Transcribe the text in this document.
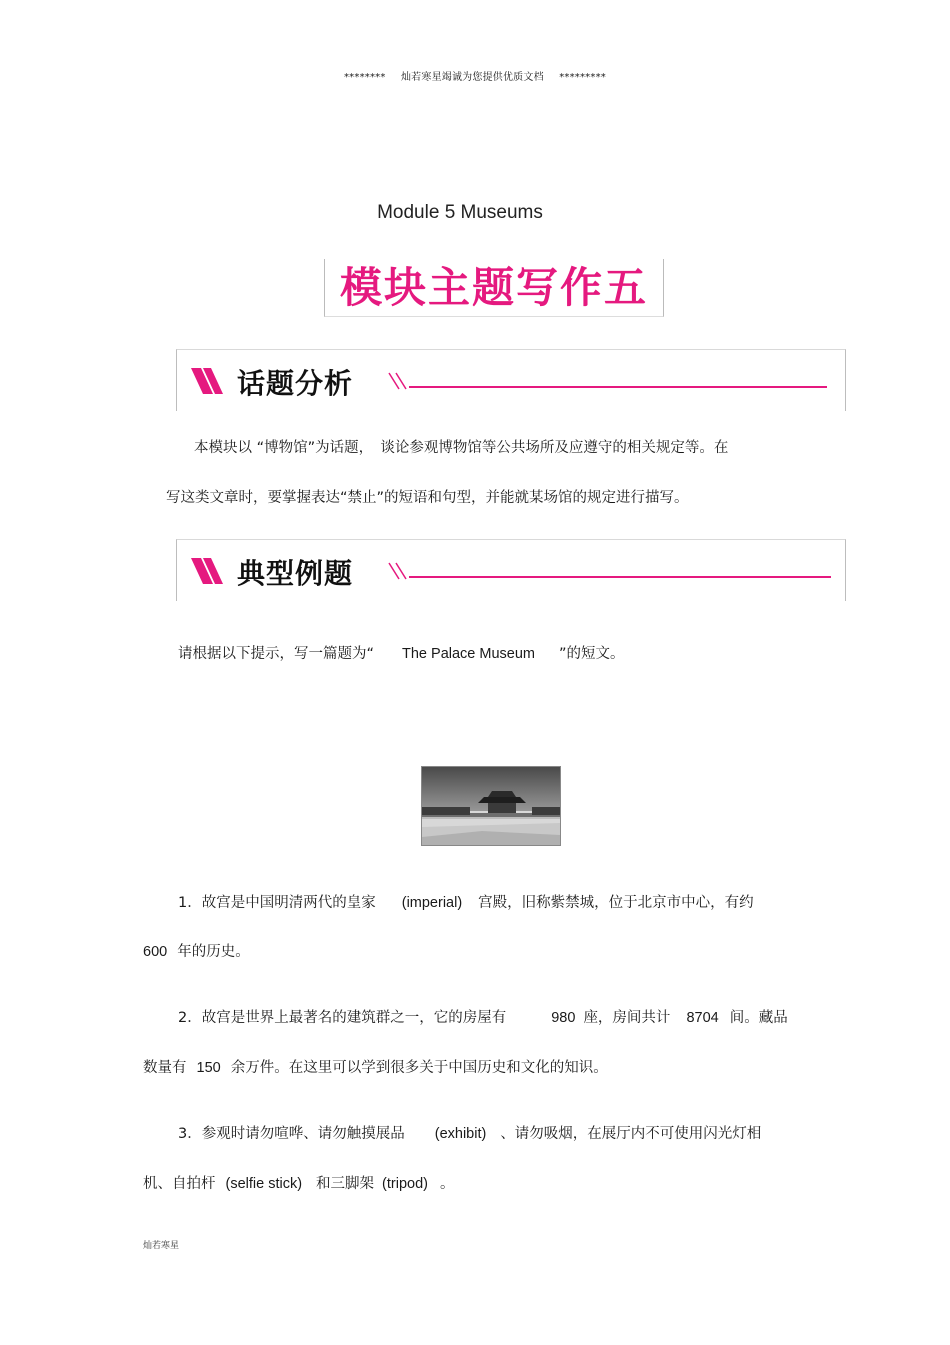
******** 灿若寒星竭诚为您提供优质文档 *********
Module 5 Museums
模块主题写作五
话题分析
本模块以 “博物馆”为话题，　谈论参观博物馆等公共场所及应遵守的相关规定等。在
写这类文章时，要掌握表达“禁止”的短语和句型，并能就某场馆的规定进行描写。
典型例题
请根据以下提示，写一篇题为“ The Palace Museum ”的短文。
1．故宫是中国明清两代的皇家 (imperial) 宫殿，旧称紫禁城，位于北京市中心，有约
600 年的历史。
2．故宫是世界上最著名的建筑群之一，它的房屋有	980 座，房间共计 8704 间。藏品
数量有 150 余万件。在这里可以学到很多关于中国历史和文化的知识。
3．参观时请勿喧哗、请勿触摸展品 (exhibit) 、请勿吸烟，在展厅内不可使用闪光灯相
机、自拍杆 (selfie stick) 和三脚架 (tripod) 。
灿若寒星
